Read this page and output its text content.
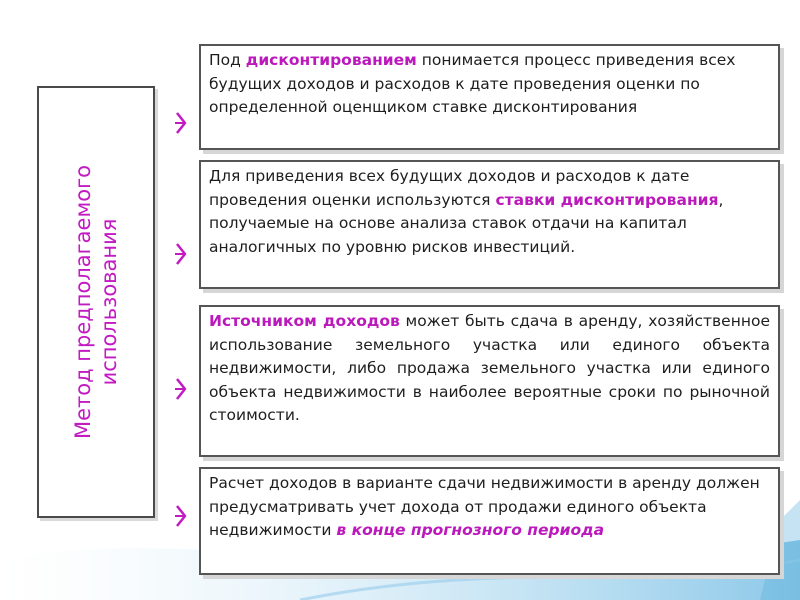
Метод предполагаемого использования
Под дисконтированием понимается процесс приведения всех будущих доходов и расходов к дате проведения оценки по определенной оценщиком ставке дисконтирования
Для приведения всех будущих доходов и расходов к дате проведения оценки используются ставки дисконтирования, получаемые на основе анализа ставок отдачи на капитал аналогичных по уровню рисков инвестиций.
Источником доходов может быть сдача в аренду, хозяйственное использование земельного участка или единого объекта недвижимости, либо продажа земельного участка или единого объекта недвижимости в наиболее вероятные сроки по рыночной стоимости.
Расчет доходов в варианте сдачи недвижимости в аренду должен предусматривать учет дохода от продажи единого объекта недвижимости в конце прогнозного периода
